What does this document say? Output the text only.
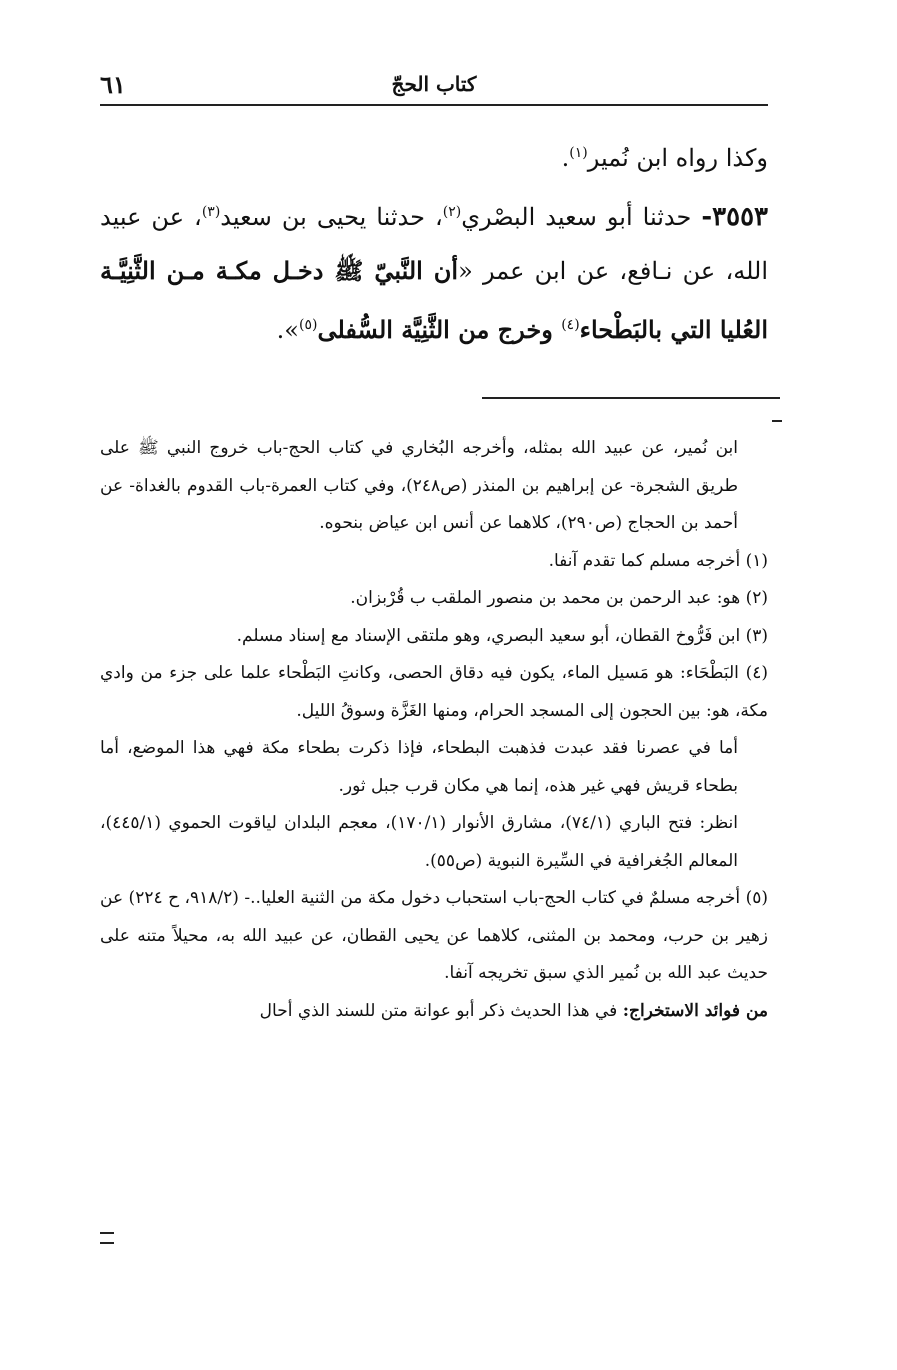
٦١	كتاب الحجّ

وكذا رواه ابن نُمير$^{(١)}$.

٣٥٥٣- حدثنا أبو سعيد البصْري$^{(٢)}$، حدثنا يحيى بن سعيد$^{(٣)}$، عن عبيد الله، عن نـافع، عن ابن عمر «أن النَّبيّ ﷺ دخـل مكـة مـن الثَّنِيَّـة العُليا التي بالبَطْحاء$^{(٤)}$ وخرج من الثَّنِيَّة السُّفلى$^{(٥)}$».

ابن نُمير، عن عبيد الله بمثله، وأخرجه البُخاري في كتاب الحج-باب خروج النبي ﷺ على طريق الشجرة- عن إبراهيم بن المنذر (ص٢٤٨)، وفي كتاب العمرة-باب القدوم بالغداة- عن أحمد بن الحجاج (ص٢٩٠)، كلاهما عن أنس ابن عياض بنحوه.

(١) أخرجه مسلم كما تقدم آنفا.

(٢) هو: عبد الرحمن بن محمد بن منصور الملقب ب قُرْبزان.

(٣) ابن فَرُّوخ القطان، أبو سعيد البصري، وهو ملتقى الإسناد مع إسناد مسلم.

(٤) البَطْحَاء: هو مَسيل الماء، يكون فيه دقاق الحصى، وكانتِ البَطْحاء علما على جزء من وادي مكة، هو: بين الحجون إلى المسجد الحرام، ومنها الغَزَّة وسوقُ الليل.

أما في عصرنا فقد عبدت فذهبت البطحاء، فإذا ذكرت بطحاء مكة فهي هذا الموضع، أما بطحاء قريش فهي غير هذه، إنما هي مكان قرب جبل ثور.

انظر: فتح الباري (٧٤/١)، مشارق الأنوار (١٧٠/١)، معجم البلدان لياقوت الحموي (٤٤٥/١)، المعالم الجُغرافية في السِّيرة النبوية (ص٥٥).

(٥) أخرجه مسلمٌ في كتاب الحج-باب استحباب دخول مكة من الثنية العليا..- (٩١٨/٢، ح ٢٢٤) عن زهير بن حرب، ومحمد بن المثنى، كلاهما عن يحيى القطان، عن عبيد الله به، محيلاً متنه على حديث عبد الله بن نُمير الذي سبق تخريجه آنفا.

من فوائد الاستخراج: في هذا الحديث ذكر أبو عوانة متن للسند الذي أحال
